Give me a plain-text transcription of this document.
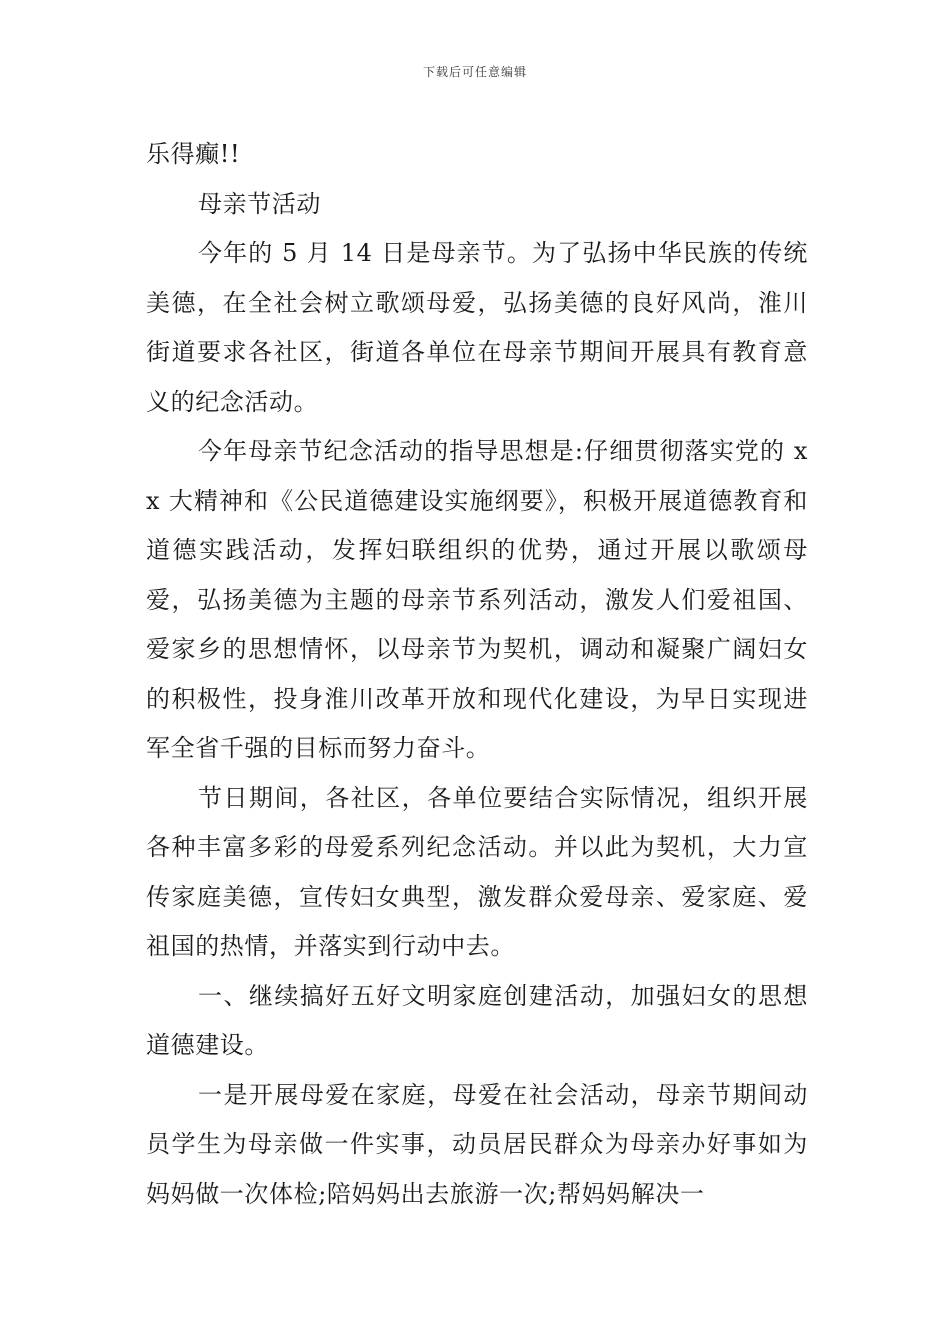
下载后可任意编辑

乐得癫!!

母亲节活动

今年的 5 月 14 日是母亲节。为了弘扬中华民族的传统美德，在全社会树立歌颂母爱，弘扬美德的良好风尚，淮川街道要求各社区，街道各单位在母亲节期间开展具有教育意义的纪念活动。

今年母亲节纪念活动的指导思想是:仔细贯彻落实党的 xx 大精神和《公民道德建设实施纲要》，积极开展道德教育和道德实践活动，发挥妇联组织的优势，通过开展以歌颂母爱，弘扬美德为主题的母亲节系列活动，激发人们爱祖国、爱家乡的思想情怀，以母亲节为契机，调动和凝聚广阔妇女的积极性，投身淮川改革开放和现代化建设，为早日实现进军全省千强的目标而努力奋斗。

节日期间，各社区，各单位要结合实际情况，组织开展各种丰富多彩的母爱系列纪念活动。并以此为契机，大力宣传家庭美德，宣传妇女典型，激发群众爱母亲、爱家庭、爱祖国的热情，并落实到行动中去。

一、继续搞好五好文明家庭创建活动，加强妇女的思想道德建设。

一是开展母爱在家庭，母爱在社会活动，母亲节期间动员学生为母亲做一件实事，动员居民群众为母亲办好事如为妈妈做一次体检;陪妈妈出去旅游一次;帮妈妈解决一
